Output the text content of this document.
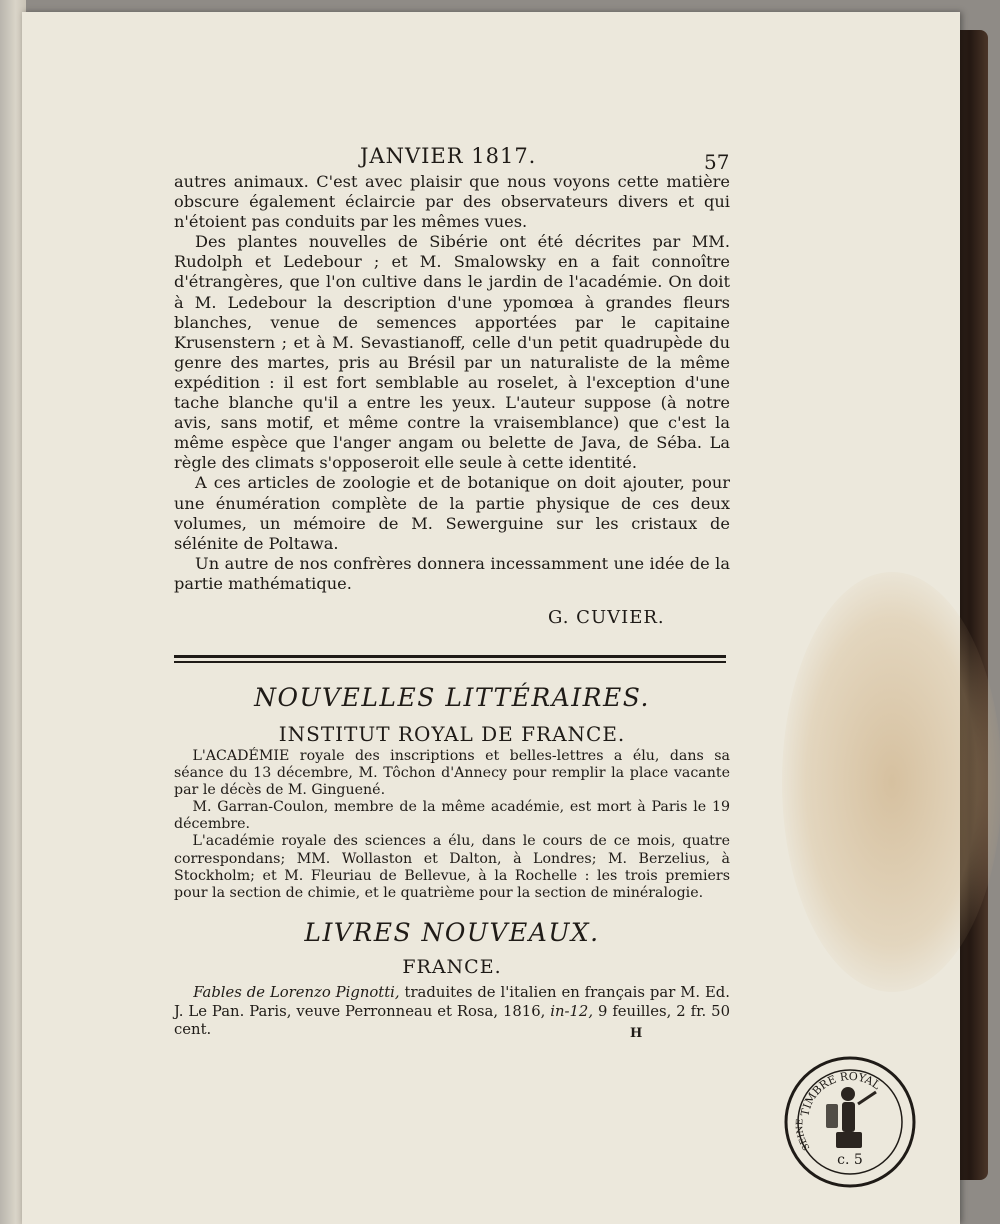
JANVIER 1817.	57

autres animaux. C'est avec plaisir que nous voyons cette matière obscure également éclaircie par des observateurs divers et qui n'étoient pas conduits par les mêmes vues.

Des plantes nouvelles de Sibérie ont été décrites par MM. Rudolph et Ledebour ; et M. Smalowsky en a fait connoître d'étrangères, que l'on cultive dans le jardin de l'académie. On doit à M. Ledebour la description d'une ypomœa à grandes fleurs blanches, venue de semences apportées par le capitaine Krusenstern ; et à M. Sevastianoff, celle d'un petit quadrupède du genre des martes, pris au Brésil par un naturaliste de la même expédition : il est fort semblable au roselet, à l'exception d'une tache blanche qu'il a entre les yeux. L'auteur suppose (à notre avis, sans motif, et même contre la vraisemblance) que c'est la même espèce que l'anger angam ou belette de Java, de Séba. La règle des climats s'opposeroit elle seule à cette identité.

A ces articles de zoologie et de botanique on doit ajouter, pour une énumération complète de la partie physique de ces deux volumes, un mémoire de M. Sewerguine sur les cristaux de sélénite de Poltawa.

Un autre de nos confrères donnera incessamment une idée de la partie mathématique.

G. CUVIER.
NOUVELLES LITTÉRAIRES.
INSTITUT ROYAL DE FRANCE.

L'ACADÉMIE royale des inscriptions et belles-lettres a élu, dans sa séance du 13 décembre, M. Tôchon d'Annecy pour remplir la place vacante par le décès de M. Ginguené.

M. Garran-Coulon, membre de la même académie, est mort à Paris le 19 décembre.

L'académie royale des sciences a élu, dans le cours de ce mois, quatre correspondans; MM. Wollaston et Dalton, à Londres; M. Berzelius, à Stockholm; et M. Fleuriau de Bellevue, à la Rochelle : les trois premiers pour la section de chimie, et le quatrième pour la section de minéralogie.

LIVRES NOUVEAUX.
FRANCE.
Fables de Lorenzo Pignotti, traduites de l'italien en français par M. Ed. J. Le Pan. Paris, veuve Perronneau et Rosa, 1816, in-12, 9 feuilles, 2 fr. 50 cent.	H
TIMBRE ROYAL
SEINE
c. 5
